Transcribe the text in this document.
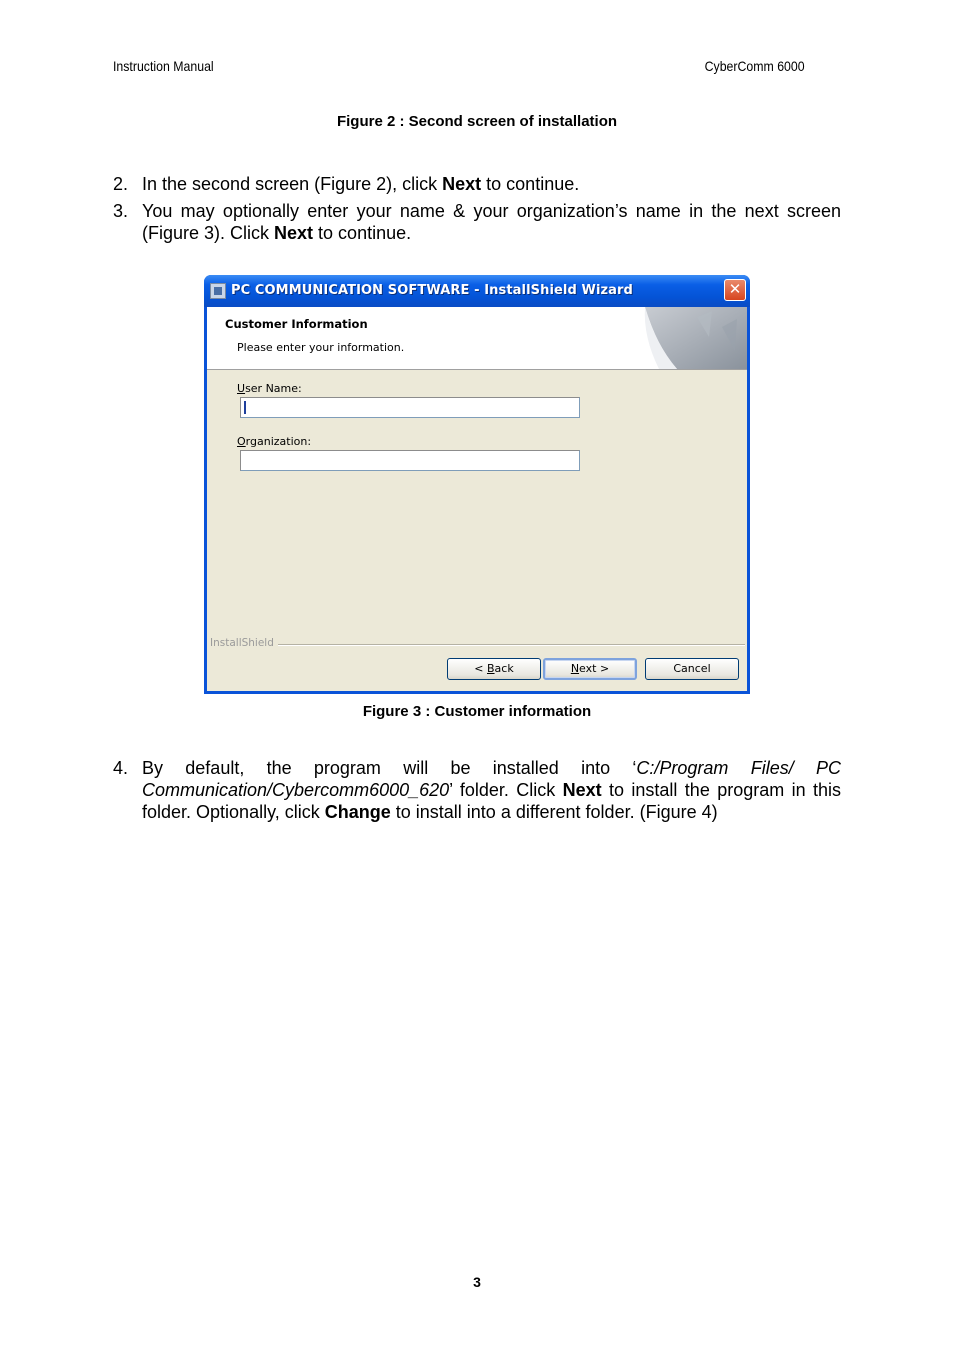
Instruction Manual	CyberComm 6000
Figure 2 : Second screen of installation
2. In the second screen (Figure 2), click Next to continue.
3. You may optionally enter your name & your organization’s name in the next screen (Figure 3). Click Next to continue.
PC COMMUNICATION SOFTWARE - InstallShield Wizard	✕
Customer Information
Please enter your information.
User Name:
Organization:
InstallShield
< Back	Next >	Cancel
Figure 3 : Customer information
4. By default, the program will be installed into ‘C:/Program Files/ PC Communication/Cybercomm6000_620’ folder. Click Next to install the program in this folder. Optionally, click Change to install into a different folder. (Figure 4)
3
